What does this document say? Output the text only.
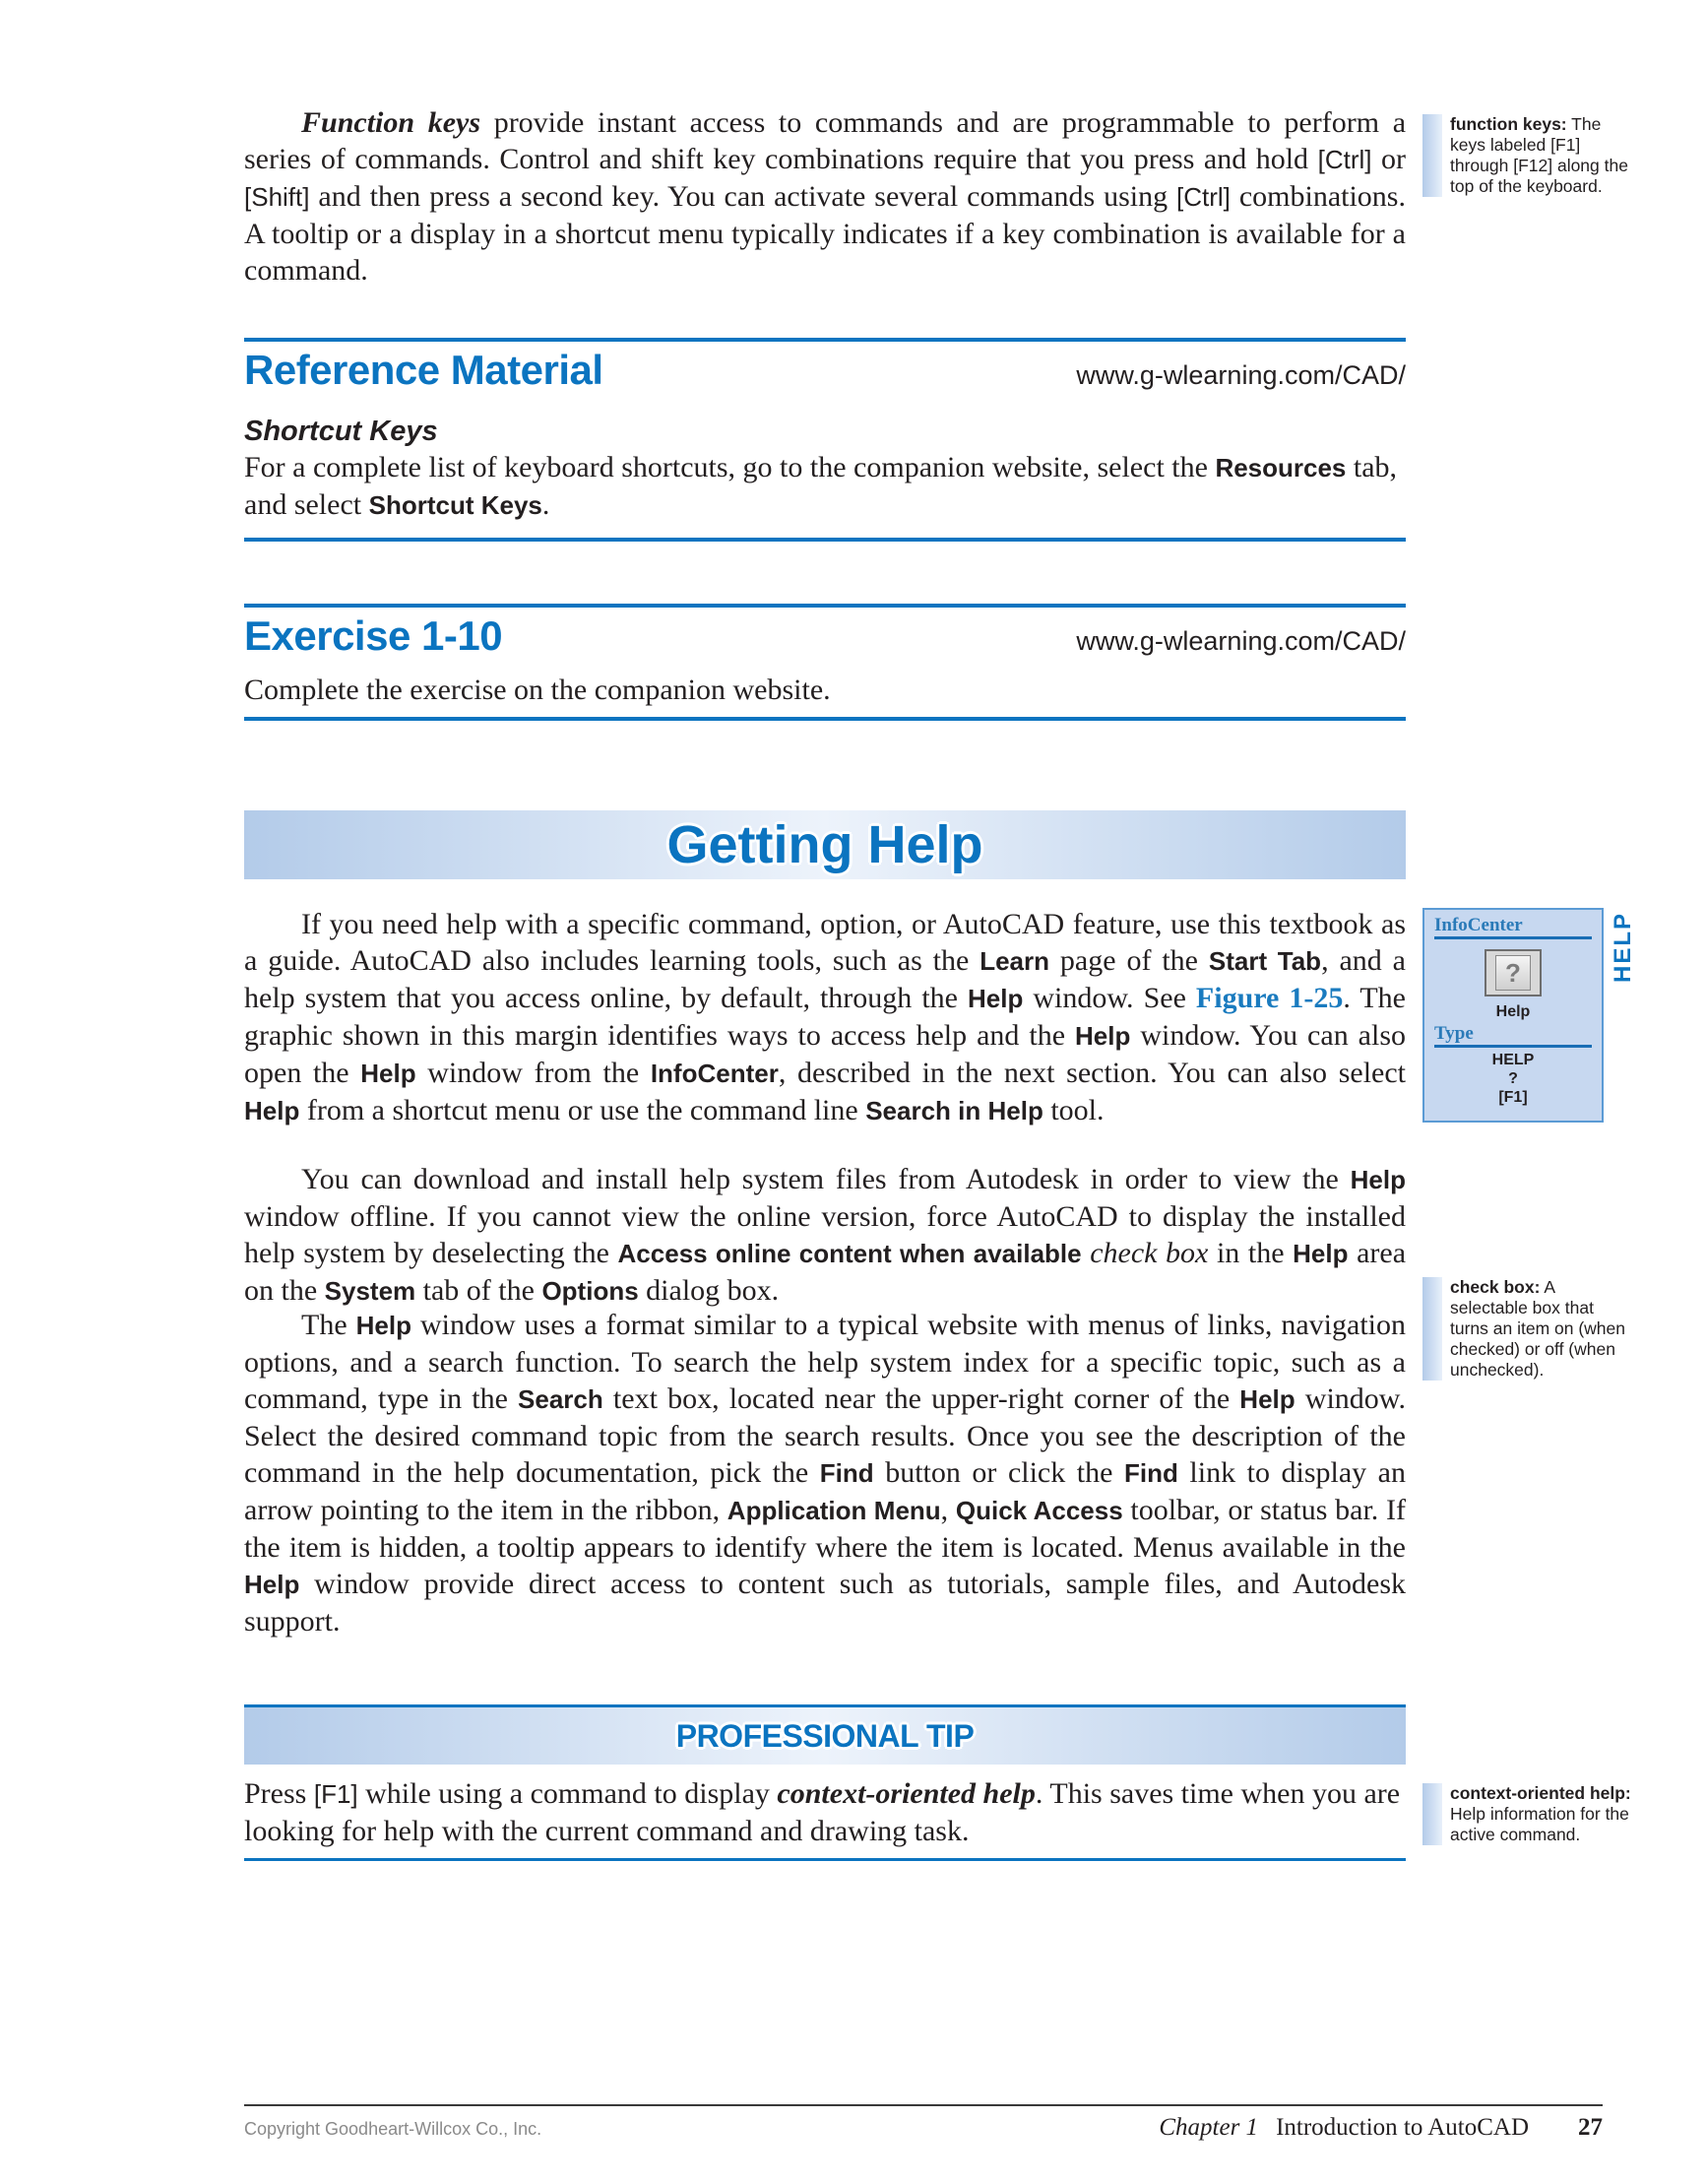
Function keys provide instant access to commands and are programmable to perform a series of commands. Control and shift key combinations require that you press and hold [Ctrl] or [Shift] and then press a second key. You can activate several commands using [Ctrl] combinations. A tooltip or a display in a shortcut menu typically indicates if a key combination is available for a command.

function keys: The keys labeled [F1] through [F12] along the top of the keyboard.
Reference Material	www.g-wlearning.com/CAD/
Shortcut Keys

For a complete list of keyboard shortcuts, go to the companion website, select the Resources tab, and select Shortcut Keys.

Exercise 1-10	www.g-wlearning.com/CAD/

Complete the exercise on the companion website.

Getting Help

If you need help with a specific command, option, or AutoCAD feature, use this textbook as a guide. AutoCAD also includes learning tools, such as the Learn page of the Start Tab, and a help system that you access online, by default, through the Help window. See Figure 1-25. The graphic shown in this margin identifies ways to access help and the Help window. You can also open the Help window from the InfoCenter, described in the next section. You can also select Help from a shortcut menu or use the command line Search in Help tool.

You can download and install help system files from Autodesk in order to view the Help window offline. If you cannot view the online version, force AutoCAD to display the installed help system by deselecting the Access online content when available check box in the Help area on the System tab of the Options dialog box.

The Help window uses a format similar to a typical website with menus of links, navigation options, and a search function. To search the help system index for a specific topic, such as a command, type in the Search text box, located near the upper-right corner of the Help window. Select the desired command topic from the search results. Once you see the description of the command in the help documentation, pick the Find button or click the Find link to display an arrow pointing to the item in the ribbon, Application Menu, Quick Access toolbar, or status bar. If the item is hidden, a tooltip appears to identify where the item is located. Menus available in the Help window provide direct access to content such as tutorials, sample files, and Autodesk support.

InfoCenter
?
Help
Type
HELP
?
[F1]
HELP
check box: A selectable box that turns an item on (when checked) or off (when unchecked).
PROFESSIONAL TIP

Press [F1] while using a command to display context-oriented help. This saves time when you are looking for help with the current command and drawing task.

context-oriented help: Help information for the active command.
Copyright Goodheart-Willcox Co., Inc.	Chapter 1 Introduction to AutoCAD 27
